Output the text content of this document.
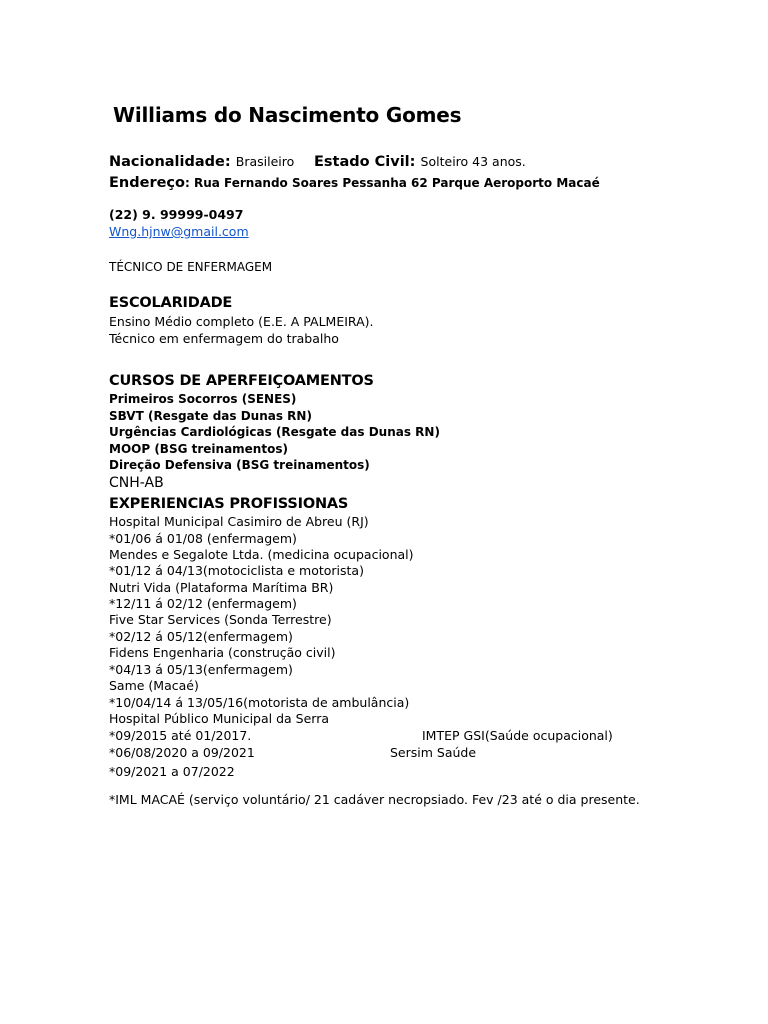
Williams do Nascimento Gomes
Nacionalidade: Brasileiro Estado Civil: Solteiro 43 anos.
Endereço: Rua Fernando Soares Pessanha 62 Parque Aeroporto Macaé
(22) 9. 99999-0497
Wng.hjnw@gmail.com
TÉCNICO DE ENFERMAGEM
ESCOLARIDADE
Ensino Médio completo (E.E. A PALMEIRA).
Técnico em enfermagem do trabalho
CURSOS DE APERFEIÇOAMENTOS
Primeiros Socorros (SENES)
SBVT (Resgate das Dunas RN)
Urgências Cardiológicas (Resgate das Dunas RN)
MOOP (BSG treinamentos)
Direção Defensiva (BSG treinamentos)
CNH-AB
EXPERIENCIAS PROFISSIONAS
Hospital Municipal Casimiro de Abreu (RJ)
*01/06 á 01/08 (enfermagem)
Mendes e Segalote Ltda. (medicina ocupacional)
*01/12 á 04/13(motociclista e motorista)
Nutri Vida (Plataforma Marítima BR)
*12/11 á 02/12 (enfermagem)
Five Star Services (Sonda Terrestre)
*02/12 á 05/12(enfermagem)
Fidens Engenharia (construção civil)
*04/13 á 05/13(enfermagem)
Same (Macaé)
*10/04/14 á 13/05/16(motorista de ambulância)
Hospital Público Municipal da Serra
*09/2015 até 01/2017.	IMTEP GSI(Saúde ocupacional)
*06/08/2020 a 09/2021	Sersim Saúde
*09/2021 a 07/2022
*IML MACAÉ (serviço voluntário/ 21 cadáver necropsiado. Fev /23 até o dia presente.
